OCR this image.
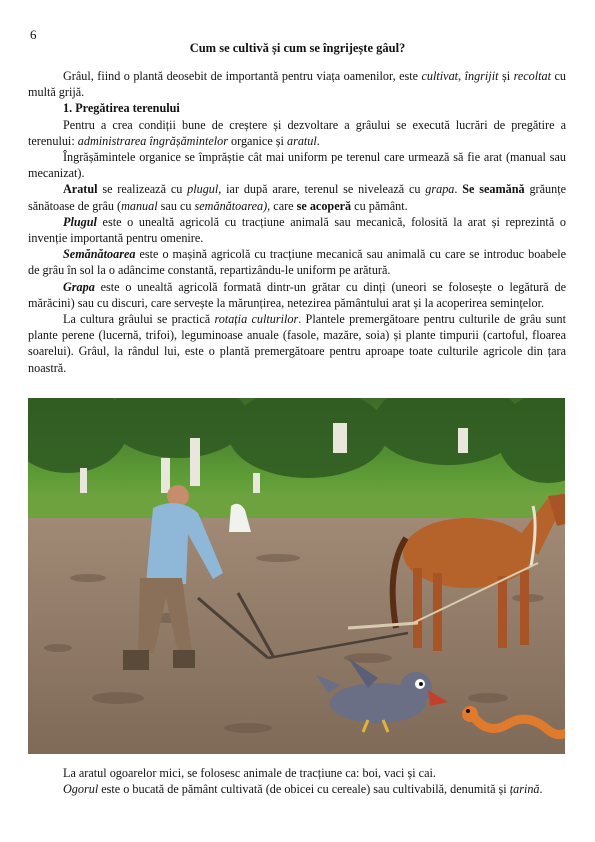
6
Cum se cultivă și cum se îngrijește gâul?

Grâul, fiind o plantă deosebit de importantă pentru viața oamenilor, este cultivat, îngrijit și recoltat cu multă grijă.

1. Pregătirea terenului

Pentru a crea condiții bune de creștere și dezvoltare a grâului se execută lucrări de pregătire a terenului: administrarea îngrășămintelor organice și aratul.

Îngrășămintele organice se împrăștie cât mai uniform pe terenul care urmează să fie arat (manual sau mecanizat).

Aratul se realizează cu plugul, iar după arare, terenul se nivelează cu grapa. Se seamănă grăunțe sănătoase de grâu (manual sau cu semănătoarea), care se acoperă cu pământ.

Plugul este o unealtă agricolă cu tracțiune animală sau mecanică, folosită la arat și reprezintă o invenție importantă pentru omenire.

Semănătoarea este o mașină agricolă cu tracțiune mecanică sau animală cu care se introduc boabele de grâu în sol la o adâncime constantă, repartizându-le uniform pe arătură.

Grapa este o unealtă agricolă formată dintr-un grătar cu dinți (uneori se folosește o legătură de mărăcini) sau cu discuri, care servește la mărunțirea, netezirea pământului arat și la acoperirea semințelor.

La cultura grâului se practică rotația culturilor. Plantele premergătoare pentru culturile de grâu sunt plante perene (lucernă, trifoi), leguminoase anuale (fasole, mazăre, soia) și plante timpurii (cartoful, floarea soarelui). Grâul, la rândul lui, este o plantă premergătoare pentru aproape toate culturile agricole din țara noastră.

La aratul ogoarelor mici, se folosesc animale de tracțiune ca: boi, vaci și cai.

Ogorul este o bucată de pământ cultivată (de obicei cu cereale) sau cultivabilă, denumită și țarină.
